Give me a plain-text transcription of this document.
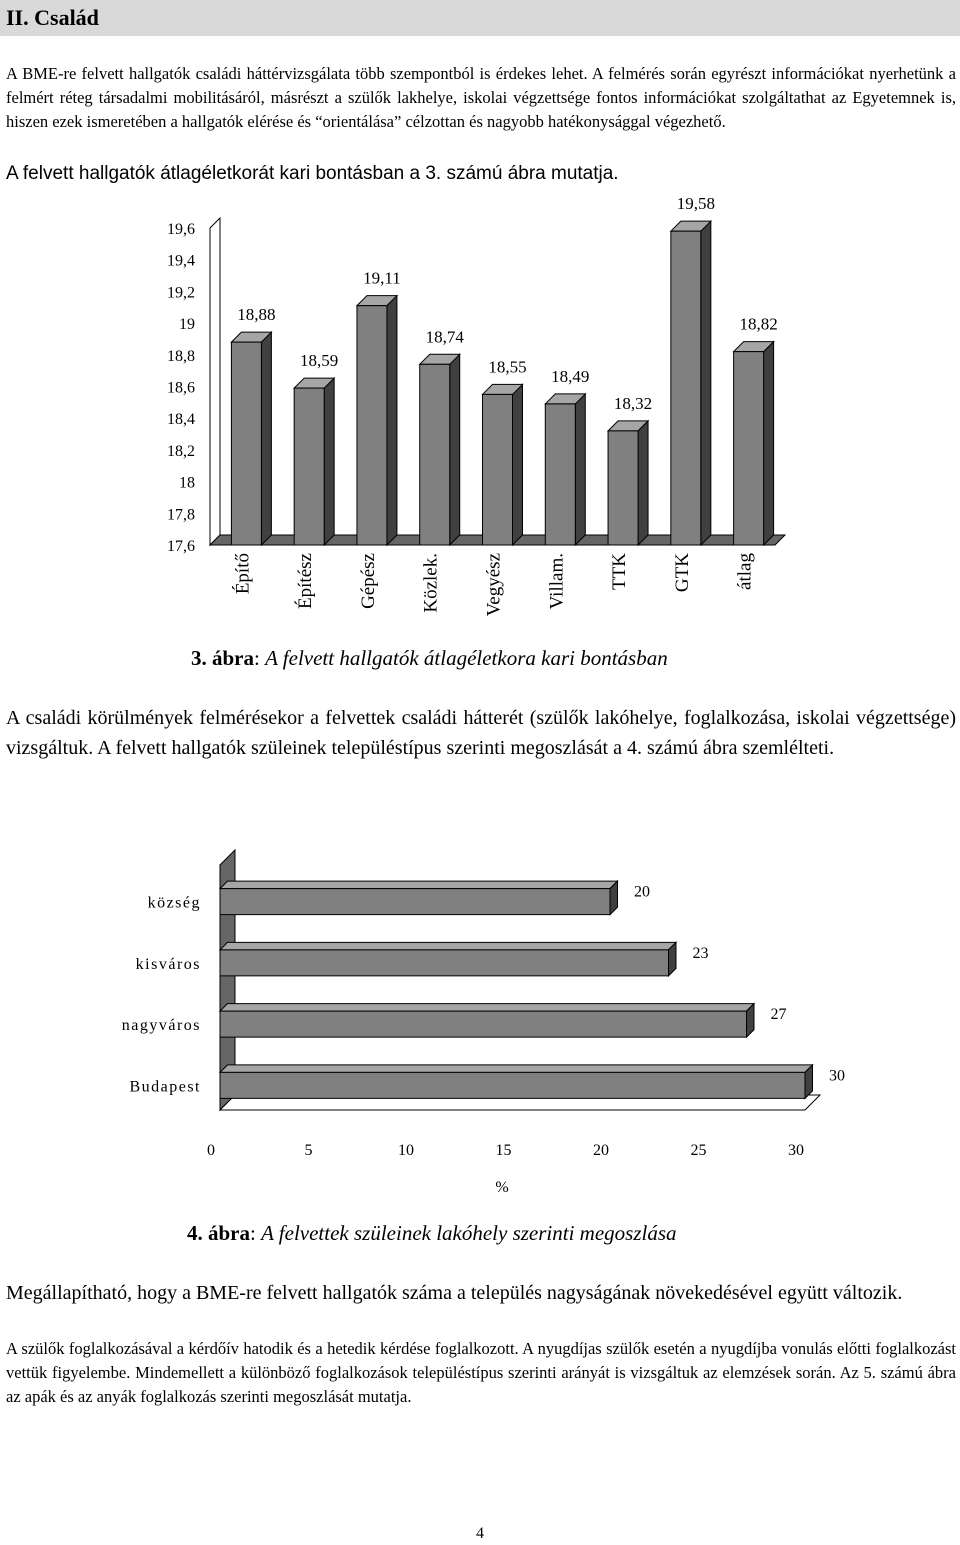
II. Család
A BME-re felvett hallgatók családi háttérvizsgálata több szempontból is érdekes lehet. A felmérés során egyrészt információkat nyerhetünk a felmért réteg társadalmi mobilitásáról, másrészt a szülők lakhelye, iskolai végzettsége fontos információkat szolgáltathat az Egyetemnek is, hiszen ezek ismeretében a hallgatók elérése és “orientálása” célzottan és nagyobb hatékonysággal végezhető.
A felvett hallgatók átlagéletkorát kari bontásban a 3. számú ábra mutatja.
17,6
17,8
18
18,2
18,4
18,6
18,8
19
19,2
19,4
19,6
18,88
Építő
18,59
Építész
19,11
Gépész
18,74
Közlek.
18,55
Vegyész
18,49
Villam.
18,32
TTK
19,58
GTK
18,82
átlag
3. ábra: A felvett hallgatók átlagéletkora kari bontásban
A családi körülmények felmérésekor a felvettek családi hátterét (szülők lakóhelye, foglalkozása, iskolai végzettsége) vizsgáltuk. A felvett hallgatók szüleinek településtípus szerinti megoszlását a 4. számú ábra szemlélteti.
20
község
23
kisváros
27
nagyváros
30
Budapest
0	5	10	15	20	25	30
%
4. ábra: A felvettek szüleinek lakóhely szerinti megoszlása
Megállapítható, hogy a BME-re felvett hallgatók száma a település nagyságának növekedésével együtt változik.
A szülők foglalkozásával a kérdőív hatodik és a hetedik kérdése foglalkozott. A nyugdíjas szülők esetén a nyugdíjba vonulás előtti foglalkozást vettük figyelembe. Mindemellett a különböző foglalkozások településtípus szerinti arányát is vizsgáltuk az elemzések során. Az 5. számú ábra az apák és az anyák foglalkozás szerinti megoszlását mutatja.
4
